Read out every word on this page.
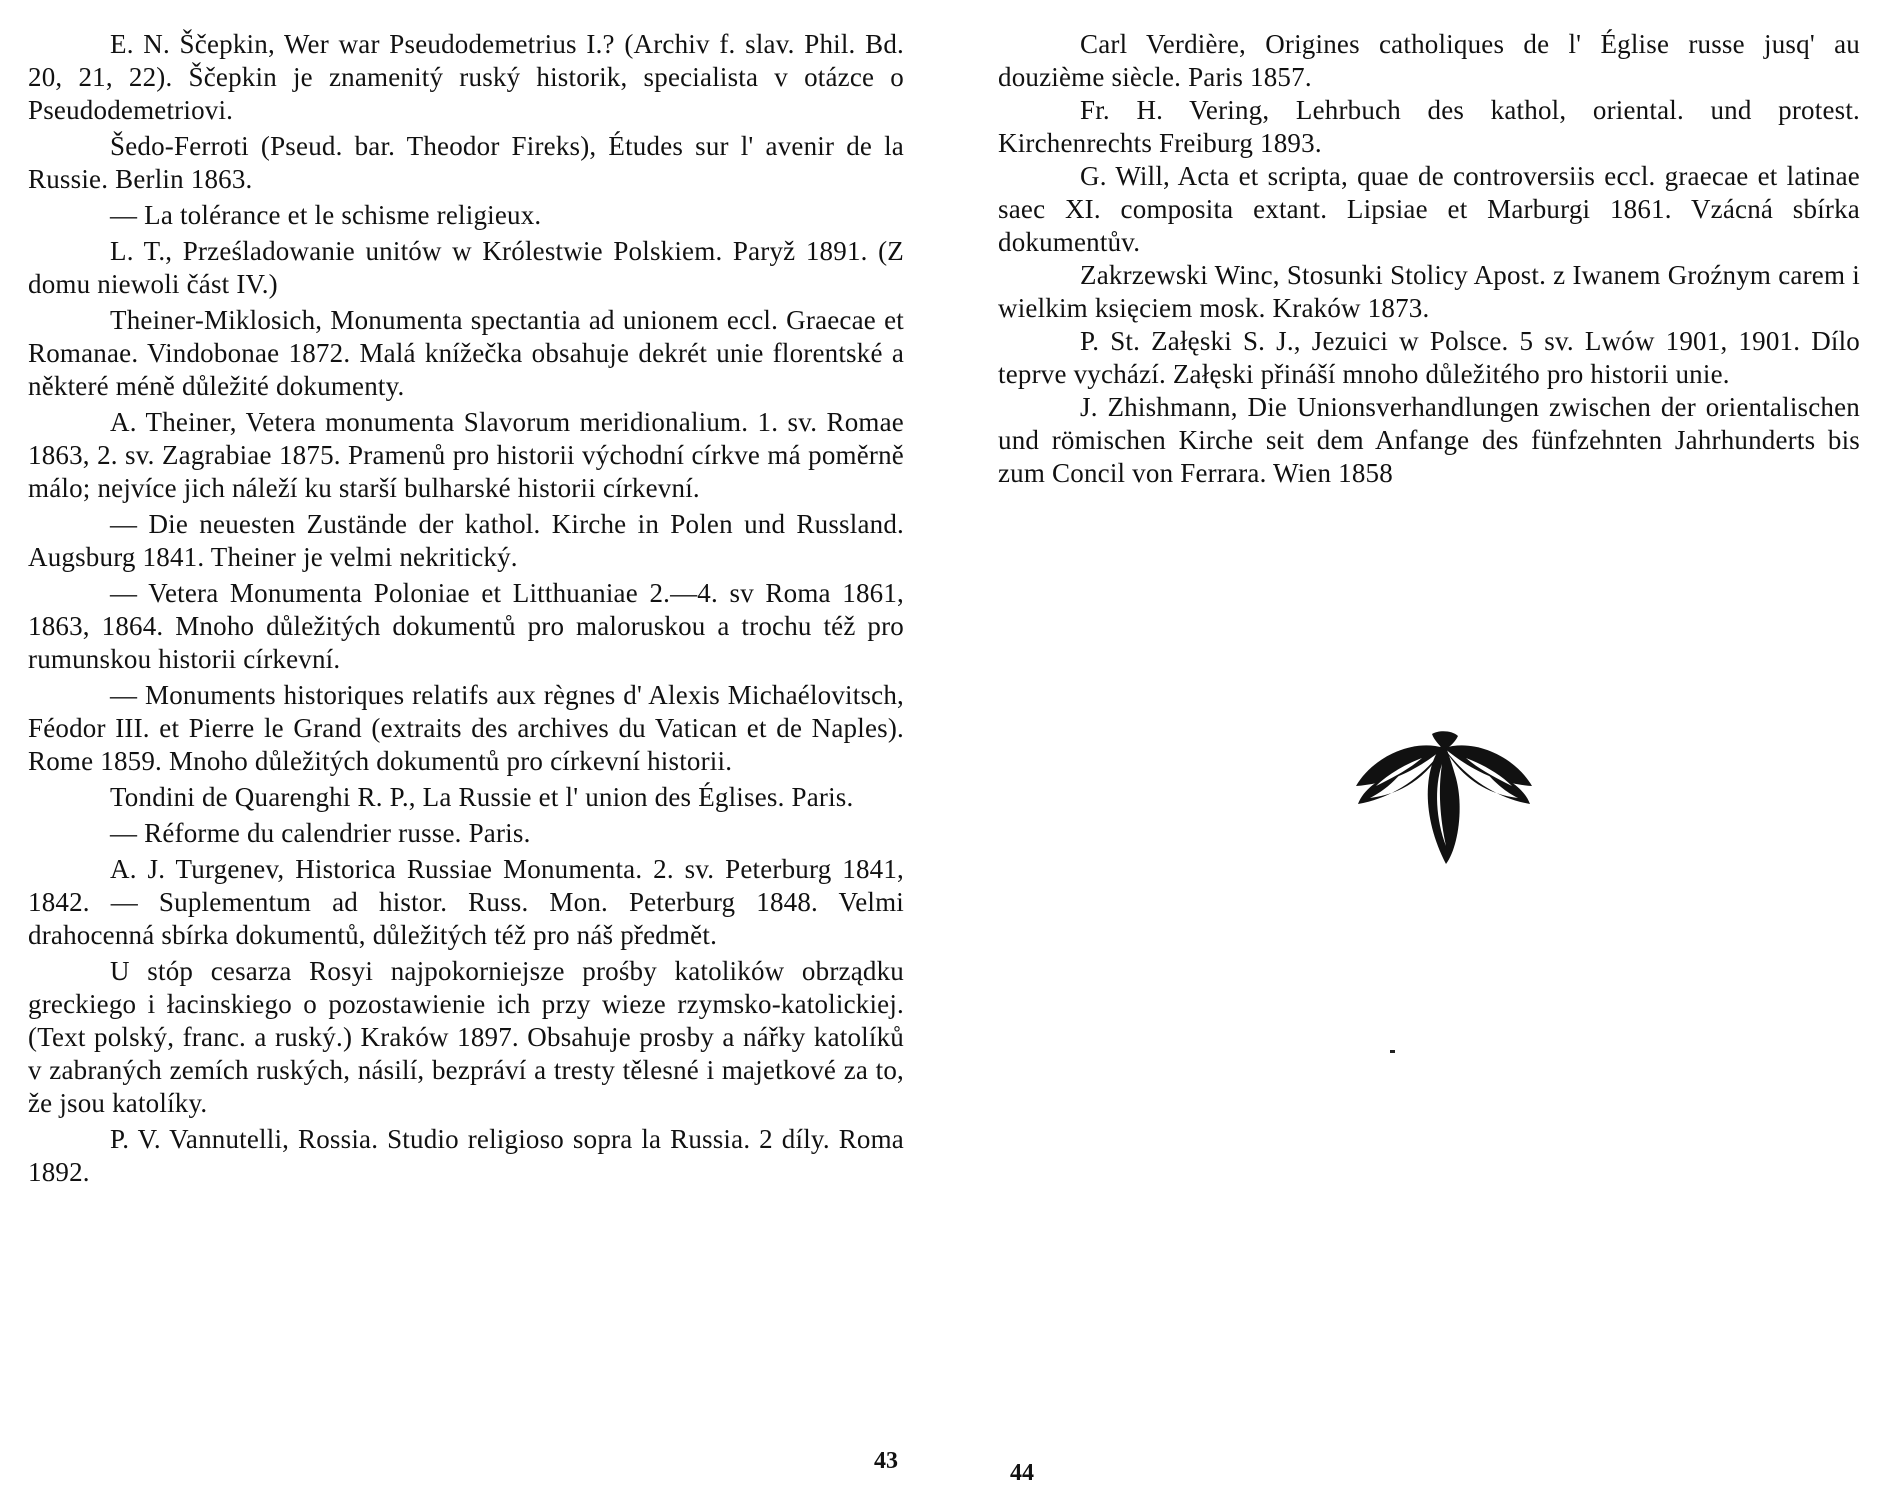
E. N. Ščepkin, Wer war Pseudodemetrius I.? (Archiv f. slav. Phil. Bd. 20, 21, 22). Ščepkin je znamenitý ruský historik, specialista v otázce o Pseudodemetriovi.

Šedo-Ferroti (Pseud. bar. Theodor Fireks), Études sur l' avenir de la Russie. Berlin 1863.

— La tolérance et le schisme religieux.

L. T., Prześladowanie unitów w Królestwie Polskiem. Paryž 1891. (Z domu niewoli část IV.)

Theiner-Miklosich, Monumenta spectantia ad unionem eccl. Graecae et Romanae. Vindobonae 1872. Malá knížečka obsahuje dekrét unie florentské a některé méně důležité dokumenty.

A. Theiner, Vetera monumenta Slavorum meridionalium. 1. sv. Romae 1863, 2. sv. Zagrabiae 1875. Pramenů pro historii východní církve má poměrně málo; nejvíce jich náleží ku starší bulharské historii církevní.

— Die neuesten Zustände der kathol. Kirche in Polen und Russland. Augsburg 1841. Theiner je velmi nekritický.

— Vetera Monumenta Poloniae et Litthuaniae 2.—4. sv Roma 1861, 1863, 1864. Mnoho důležitých dokumentů pro maloruskou a trochu též pro rumunskou historii církevní.

— Monuments historiques relatifs aux règnes d' Alexis Michaélovitsch, Féodor III. et Pierre le Grand (extraits des archives du Vatican et de Naples). Rome 1859. Mnoho důležitých dokumentů pro církevní historii.

Tondini de Quarenghi R. P., La Russie et l' union des Églises. Paris.

— Réforme du calendrier russe. Paris.

A. J. Turgenev, Historica Russiae Monumenta. 2. sv. Peterburg 1841, 1842. — Suplementum ad histor. Russ. Mon. Peterburg 1848. Velmi drahocenná sbírka dokumentů, důležitých též pro náš předmět.

U stóp cesarza Rosyi najpokorniejsze prośby katolików obrządku greckiego i łacinskiego o pozostawienie ich przy wieze rzymsko-katolickiej. (Text polský, franc. a ruský.) Kraków 1897. Obsahuje prosby a nářky katolíků v zabraných zemích ruských, násilí, bezpráví a tresty tělesné i majetkové za to, že jsou katolíky.

P. V. Vannutelli, Rossia. Studio religioso sopra la Russia. 2 díly. Roma 1892.

43

Carl Verdière, Origines catholiques de l' Église russe jusq' au douzième siècle. Paris 1857.

Fr. H. Vering, Lehrbuch des kathol, oriental. und protest. Kirchenrechts Freiburg 1893.

G. Will, Acta et scripta, quae de controversiis eccl. graecae et latinae saec XI. composita extant. Lipsiae et Marburgi 1861. Vzácná sbírka dokumentův.

Zakrzewski Winc, Stosunki Stolicy Apost. z Iwanem Groźnym carem i wielkim księciem mosk. Kraków 1873.

P. St. Załęski S. J., Jezuici w Polsce. 5 sv. Lwów 1901, 1901. Dílo teprve vychází. Załęski přináší mnoho důležitého pro historii unie.

J. Zhishmann, Die Unionsverhandlungen zwischen der orientalischen und römischen Kirche seit dem Anfange des fünfzehnten Jahrhunderts bis zum Concil von Ferrara. Wien 1858

44
